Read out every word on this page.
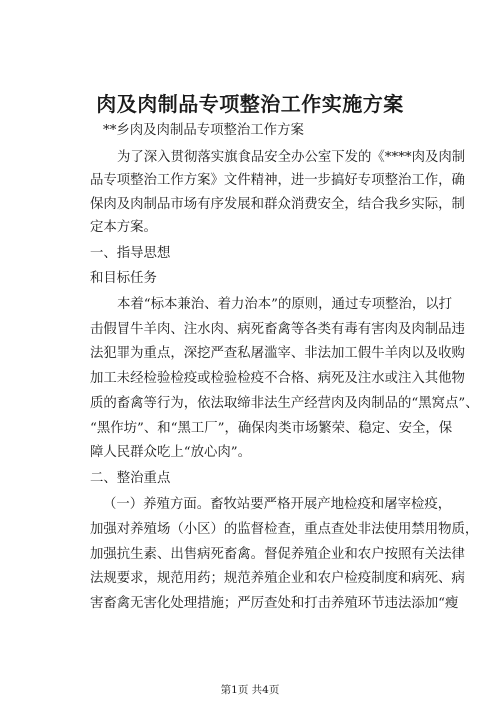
肉及肉制品专项整治工作实施方案
**乡肉及肉制品专项整治工作方案
为了深入贯彻落实旗食品安全办公室下发的《****肉及肉制
品专项整治工作方案》文件精神，进一步搞好专项整治工作，确
保肉及肉制品市场有序发展和群众消费安全，结合我乡实际，制
定本方案。
一、指导思想
和目标任务
本着“标本兼治、着力治本”的原则，通过专项整治，以打
击假冒牛羊肉、注水肉、病死畜禽等各类有毒有害肉及肉制品违
法犯罪为重点，深挖严查私屠滥宰、非法加工假牛羊肉以及收购
加工未经检验检疫或检验检疫不合格、病死及注水或注入其他物
质的畜禽等行为，依法取缔非法生产经营肉及肉制品的“黑窝点”、
“黑作坊”、和“黑工厂”，确保肉类市场繁荣、稳定、安全，保
障人民群众吃上“放心肉”。
二、整治重点
（一）养殖方面。畜牧站要严格开展产地检疫和屠宰检疫，
加强对养殖场（小区）的监督检查，重点查处非法使用禁用物质，
加强抗生素、出售病死畜禽。督促养殖企业和农户按照有关法律
法规要求，规范用药；规范养殖企业和农户检疫制度和病死、病
害畜禽无害化处理措施；严厉查处和打击养殖环节违法添加“瘦
第1页 共4页
